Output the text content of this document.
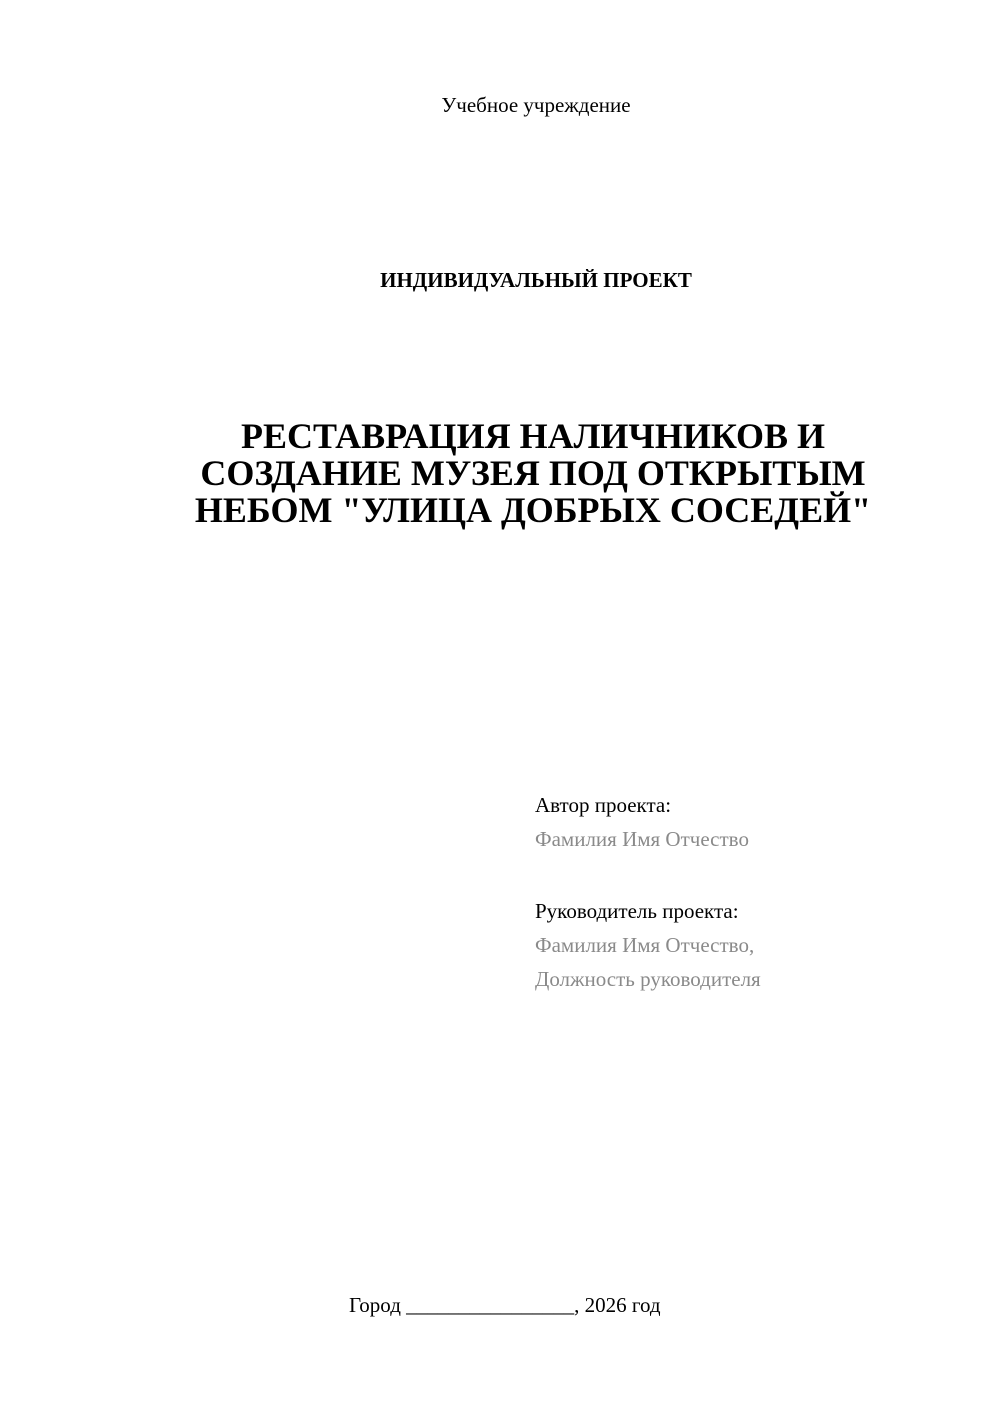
Учебное учреждение
ИНДИВИДУАЛЬНЫЙ ПРОЕКТ
РЕСТАВРАЦИЯ НАЛИЧНИКОВ И
СОЗДАНИЕ МУЗЕЯ ПОД ОТКРЫТЫМ
НЕБОМ "УЛИЦА ДОБРЫХ СОСЕДЕЙ"
Автор проекта:
Фамилия Имя Отчество
Руководитель проекта:
Фамилия Имя Отчество,
Должность руководителя
Город ________________, 2026 год
